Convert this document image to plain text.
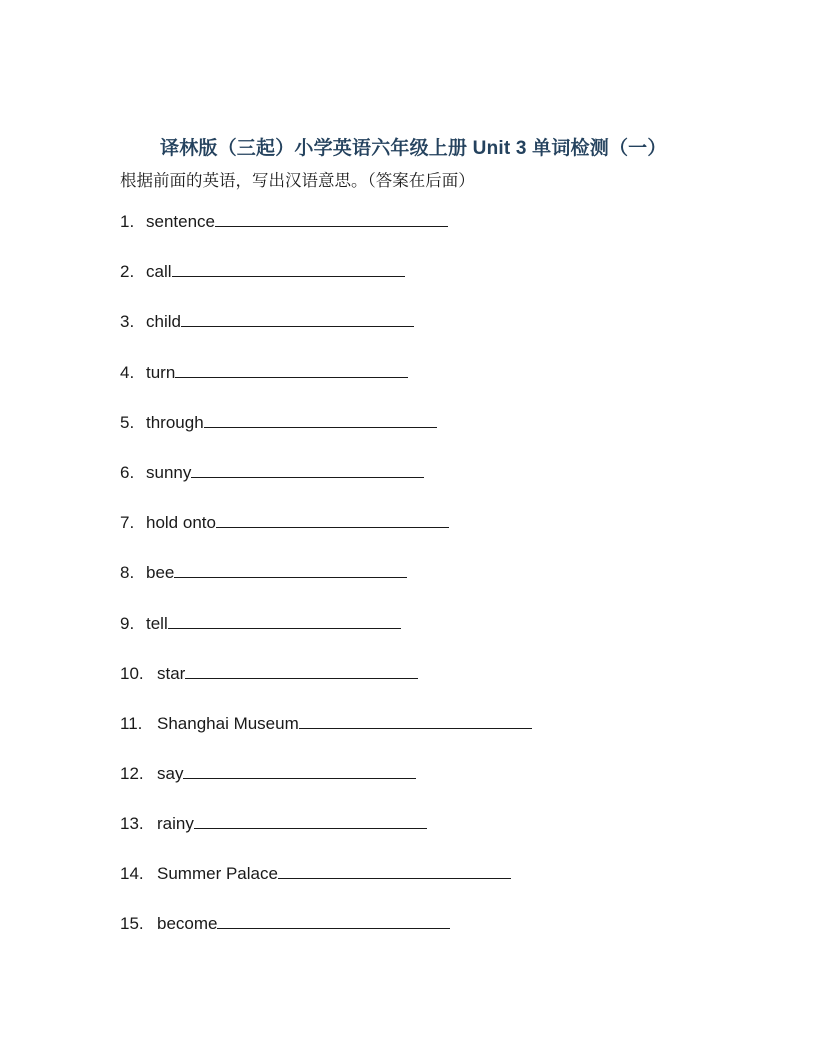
译林版（三起）小学英语六年级上册 Unit 3 单词检测（一）
根据前面的英语，写出汉语意思。（答案在后面）
1. sentence
2. call
3. child
4. turn
5. through
6. sunny
7. hold onto
8. bee
9. tell
10. star
11. Shanghai Museum
12. say
13. rainy
14. Summer Palace
15. become
